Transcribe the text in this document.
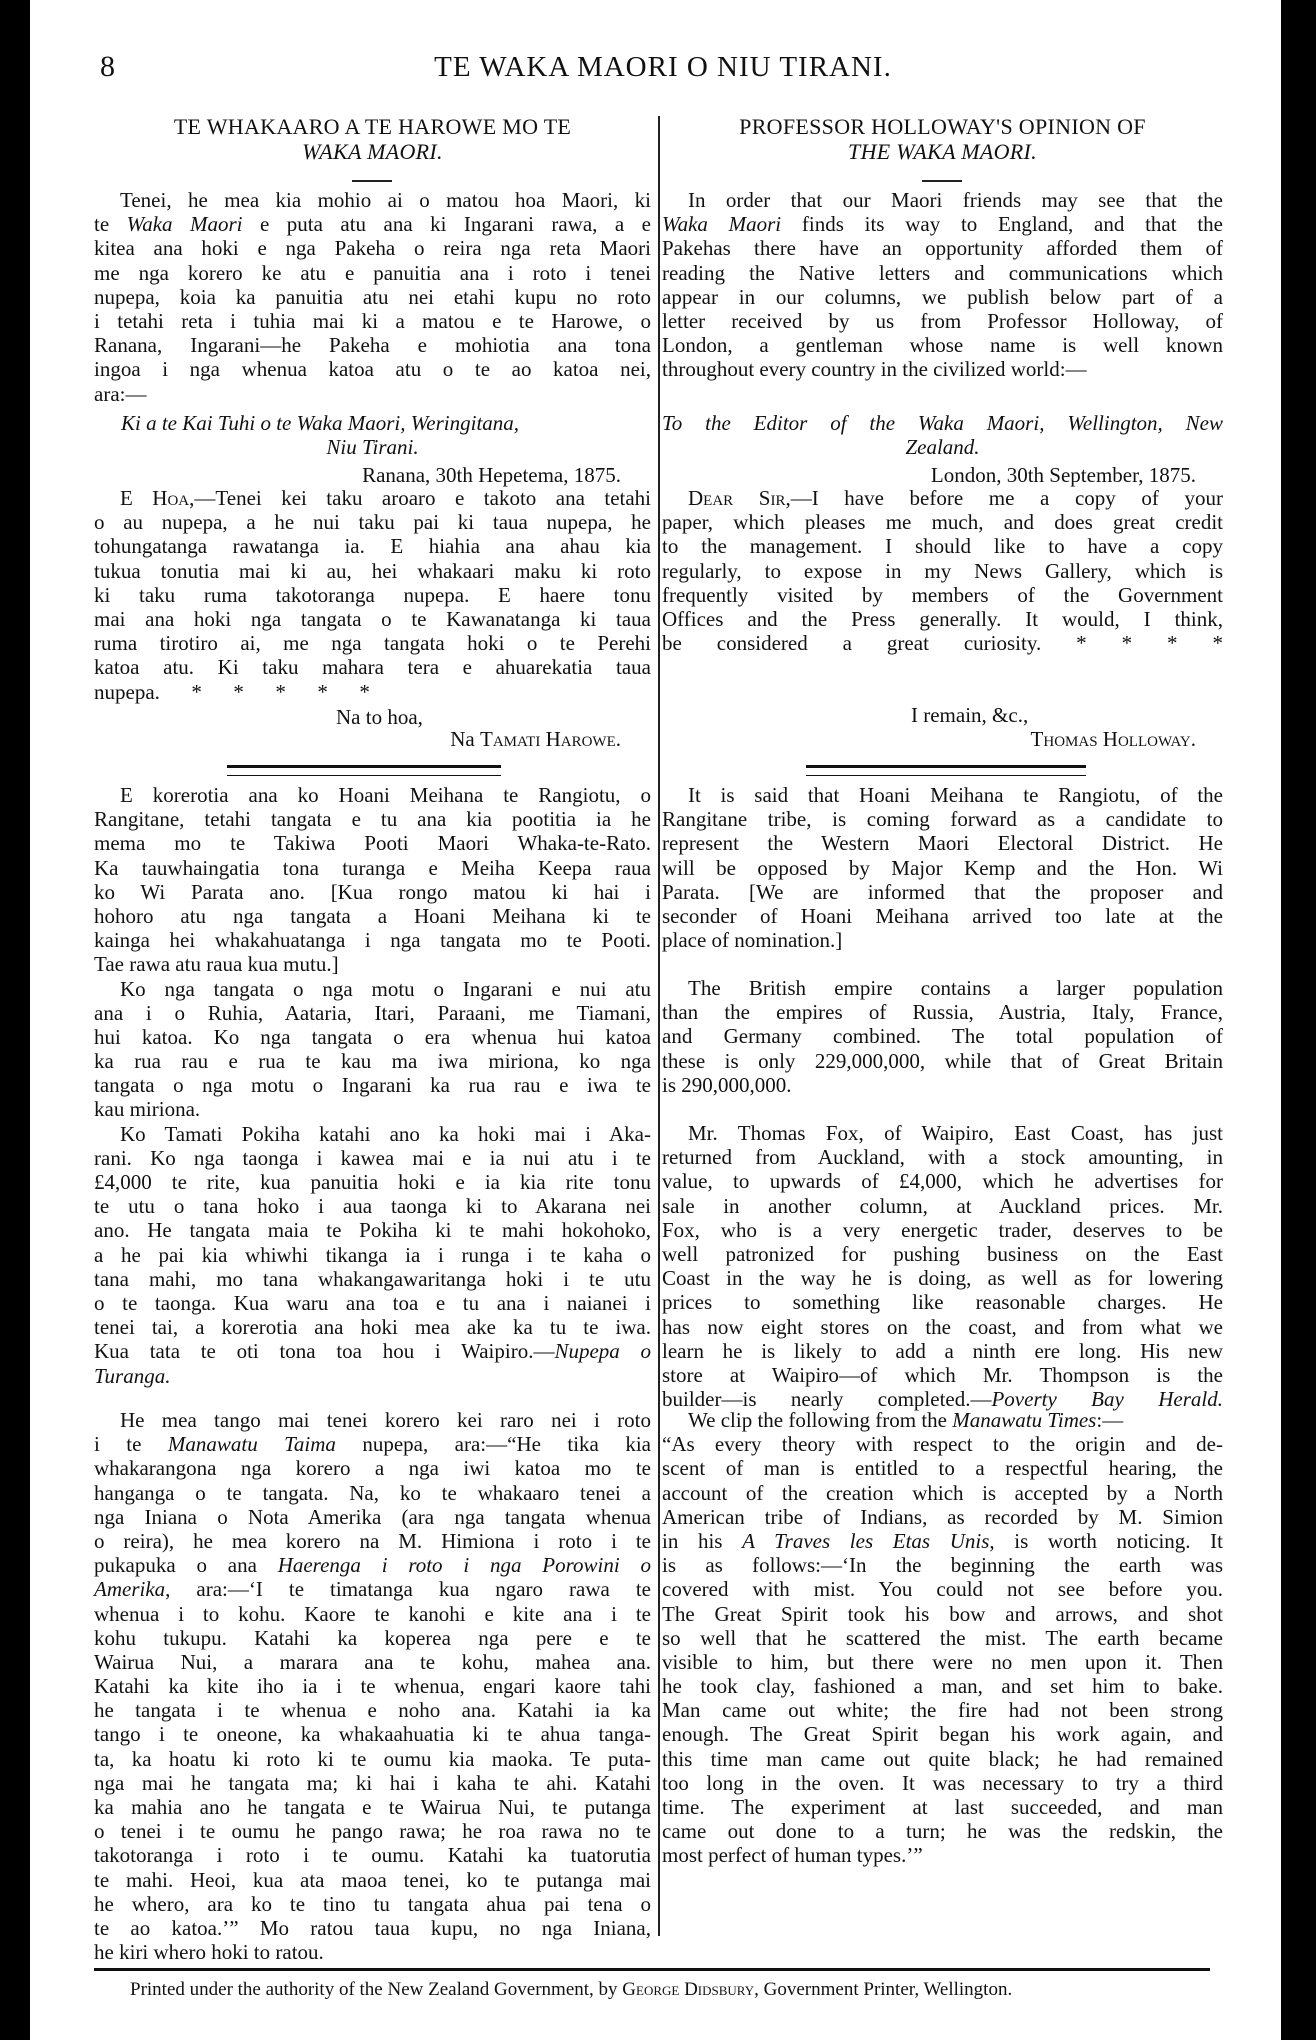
8	TE WAKA MAORI O NIU TIRANI.
TE WHAKAARO A TE HAROWE MO TE
WAKA MAORI.
Tenei, he mea kia mohio ai o matou hoa Maori, ki
te Waka Maori e puta atu ana ki Ingarani rawa, a e
kitea ana hoki e nga Pakeha o reira nga reta Maori
me nga korero ke atu e panuitia ana i roto i tenei
nupepa, koia ka panuitia atu nei etahi kupu no roto
i tetahi reta i tuhia mai ki a matou e te Harowe, o
Ranana, Ingarani—he Pakeha e mohiotia ana tona
ingoa i nga whenua katoa atu o te ao katoa nei,
ara:—
Ki a te Kai Tuhi o te Waka Maori, Weringitana,
Niu Tirani.
Ranana, 30th Hepetema, 1875.
E Hoa,—Tenei kei taku aroaro e takoto ana tetahi
o au nupepa, a he nui taku pai ki taua nupepa, he
tohungatanga rawatanga ia. E hiahia ana ahau kia
tukua tonutia mai ki au, hei whakaari maku ki roto
ki taku ruma takotoranga nupepa. E haere tonu
mai ana hoki nga tangata o te Kawanatanga ki taua
ruma tirotiro ai, me nga tangata hoki o te Perehi
katoa atu. Ki taku mahara tera e ahuarekatia taua
nupepa.      *      *      *      *      *
Na to hoa,
Na Tamati Harowe.
PROFESSOR HOLLOWAY'S OPINION OF
THE WAKA MAORI.
In order that our Maori friends may see that the
Waka Maori finds its way to England, and that the
Pakehas there have an opportunity afforded them of
reading the Native letters and communications which
appear in our columns, we publish below part of a
letter received by us from Professor Holloway, of
London, a gentleman whose name is well known
throughout every country in the civilized world:—
To the Editor of the Waka Maori, Wellington, New
Zealand.
London, 30th September, 1875.
Dear Sir,—I have before me a copy of your
paper, which pleases me much, and does great credit
to the management. I should like to have a copy
regularly, to expose in my News Gallery, which is
frequently visited by members of the Government
Offices and the Press generally. It would, I think,
be considered a great curiosity. * * * *
I remain, &c.,
Thomas Holloway.
E korerotia ana ko Hoani Meihana te Rangiotu, o
Rangitane, tetahi tangata e tu ana kia pootitia ia he
mema mo te Takiwa Pooti Maori Whaka-te-Rato.
Ka tauwhaingatia tona turanga e Meiha Keepa raua
ko Wi Parata ano. [Kua rongo matou ki hai i
hohoro atu nga tangata a Hoani Meihana ki te
kainga hei whakahuatanga i nga tangata mo te Pooti.
Tae rawa atu raua kua mutu.]
Ko nga tangata o nga motu o Ingarani e nui atu
ana i o Ruhia, Aataria, Itari, Paraani, me Tiamani,
hui katoa. Ko nga tangata o era whenua hui katoa
ka rua rau e rua te kau ma iwa miriona, ko nga
tangata o nga motu o Ingarani ka rua rau e iwa te
kau miriona.
Ko Tamati Pokiha katahi ano ka hoki mai i Aka-
rani. Ko nga taonga i kawea mai e ia nui atu i te
£4,000 te rite, kua panuitia hoki e ia kia rite tonu
te utu o tana hoko i aua taonga ki to Akarana nei
ano. He tangata maia te Pokiha ki te mahi hokohoko,
a he pai kia whiwhi tikanga ia i runga i te kaha o
tana mahi, mo tana whakangawaritanga hoki i te utu
o te taonga. Kua waru ana toa e tu ana i naianei i
tenei tai, a korerotia ana hoki mea ake ka tu te iwa.
Kua tata te oti tona toa hou i Waipiro.—Nupepa o
Turanga.
He mea tango mai tenei korero kei raro nei i roto
i te Manawatu Taima nupepa, ara:—“He tika kia
whakarangona nga korero a nga iwi katoa mo te
hanganga o te tangata. Na, ko te whakaaro tenei a
nga Iniana o Nota Amerika (ara nga tangata whenua
o reira), he mea korero na M. Himiona i roto i te
pukapuka o ana Haerenga i roto i nga Porowini o
Amerika, ara:—‘I te timatanga kua ngaro rawa te
whenua i to kohu. Kaore te kanohi e kite ana i te
kohu tukupu. Katahi ka koperea nga pere e te
Wairua Nui, a marara ana te kohu, mahea ana.
Katahi ka kite iho ia i te whenua, engari kaore tahi
he tangata i te whenua e noho ana. Katahi ia ka
tango i te oneone, ka whakaahuatia ki te ahua tanga-
ta, ka hoatu ki roto ki te oumu kia maoka. Te puta-
nga mai he tangata ma; ki hai i kaha te ahi. Katahi
ka mahia ano he tangata e te Wairua Nui, te putanga
o tenei i te oumu he pango rawa; he roa rawa no te
takotoranga i roto i te oumu. Katahi ka tuatorutia
te mahi. Heoi, kua ata maoa tenei, ko te putanga mai
he whero, ara ko te tino tu tangata ahua pai tena o
te ao katoa.’” Mo ratou taua kupu, no nga Iniana,
he kiri whero hoki to ratou.
It is said that Hoani Meihana te Rangiotu, of the
Rangitane tribe, is coming forward as a candidate to
represent the Western Maori Electoral District. He
will be opposed by Major Kemp and the Hon. Wi
Parata. [We are informed that the proposer and
seconder of Hoani Meihana arrived too late at the
place of nomination.]
The British empire contains a larger population
than the empires of Russia, Austria, Italy, France,
and Germany combined. The total population of
these is only 229,000,000, while that of Great Britain
is 290,000,000.
Mr. Thomas Fox, of Waipiro, East Coast, has just
returned from Auckland, with a stock amounting, in
value, to upwards of £4,000, which he advertises for
sale in another column, at Auckland prices. Mr.
Fox, who is a very energetic trader, deserves to be
well patronized for pushing business on the East
Coast in the way he is doing, as well as for lowering
prices to something like reasonable charges. He
has now eight stores on the coast, and from what we
learn he is likely to add a ninth ere long. His new
store at Waipiro—of which Mr. Thompson is the
builder—is nearly completed.—Poverty Bay Herald.
We clip the following from the Manawatu Times:—
“As every theory with respect to the origin and de-
scent of man is entitled to a respectful hearing, the
account of the creation which is accepted by a North
American tribe of Indians, as recorded by M. Simion
in his A Traves les Etas Unis, is worth noticing. It
is as follows:—‘In the beginning the earth was
covered with mist. You could not see before you.
The Great Spirit took his bow and arrows, and shot
so well that he scattered the mist. The earth became
visible to him, but there were no men upon it. Then
he took clay, fashioned a man, and set him to bake.
Man came out white; the fire had not been strong
enough. The Great Spirit began his work again, and
this time man came out quite black; he had remained
too long in the oven. It was necessary to try a third
time. The experiment at last succeeded, and man
came out done to a turn; he was the redskin, the
most perfect of human types.’”
Printed under the authority of the New Zealand Government, by George Didsbury, Government Printer, Wellington.
